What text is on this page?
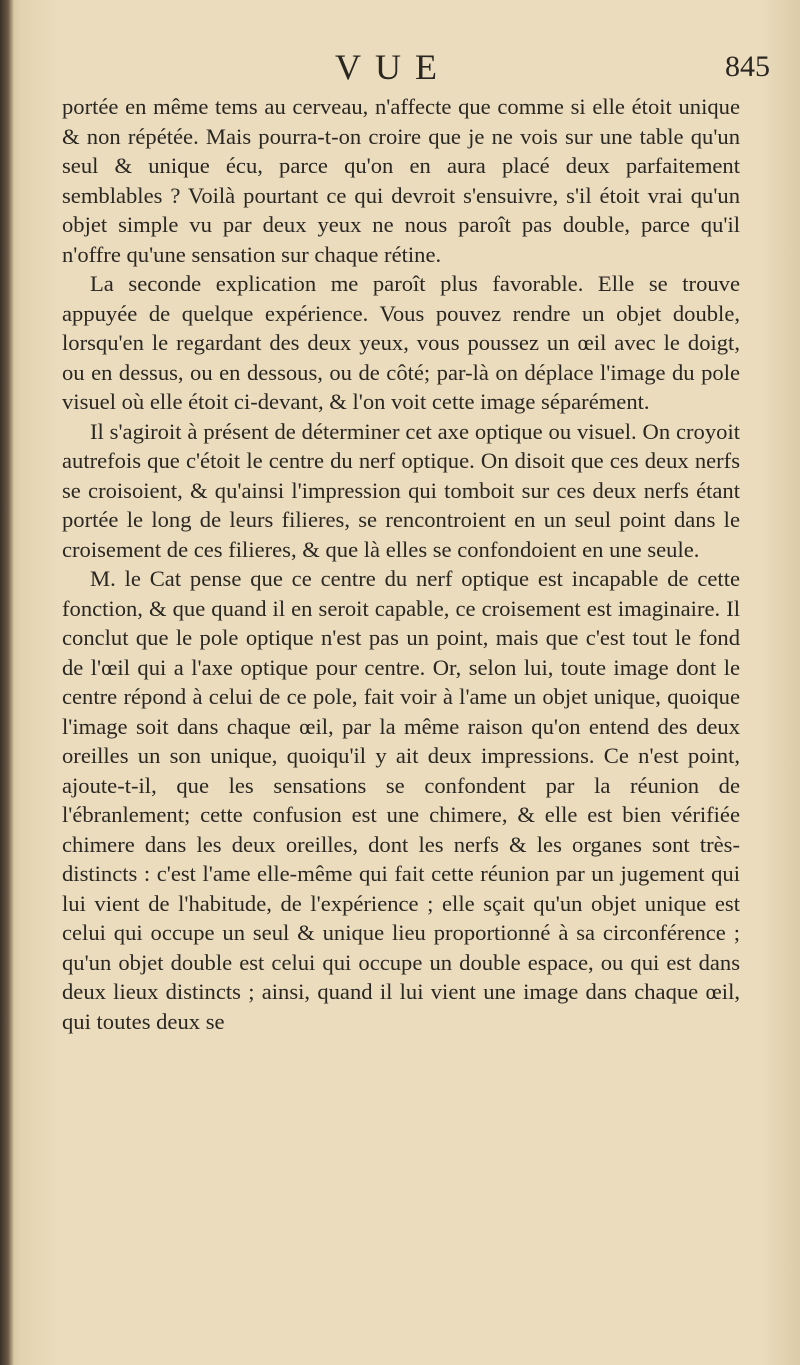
VUE	845

portée en même tems au cerveau, n'affecte que comme si elle étoit unique & non répétée. Mais pourra-t-on croire que je ne vois sur une table qu'un seul & unique écu, parce qu'on en aura placé deux parfaitement semblables ? Voilà pourtant ce qui devroit s'ensuivre, s'il étoit vrai qu'un objet simple vu par deux yeux ne nous paroît pas double, parce qu'il n'offre qu'une sensation sur chaque rétine.

La seconde explication me paroît plus favorable. Elle se trouve appuyée de quelque expérience. Vous pouvez rendre un objet double, lorsqu'en le regardant des deux yeux, vous poussez un œil avec le doigt, ou en dessus, ou en dessous, ou de côté; par-là on déplace l'image du pole visuel où elle étoit ci-devant, & l'on voit cette image séparément.

Il s'agiroit à présent de déterminer cet axe optique ou visuel. On croyoit autrefois que c'étoit le centre du nerf optique. On disoit que ces deux nerfs se croisoient, & qu'ainsi l'impression qui tomboit sur ces deux nerfs étant portée le long de leurs filieres, se rencontroient en un seul point dans le croisement de ces filieres, & que là elles se confondoient en une seule.

M. le Cat pense que ce centre du nerf optique est incapable de cette fonction, & que quand il en seroit capable, ce croisement est imaginaire. Il conclut que le pole optique n'est pas un point, mais que c'est tout le fond de l'œil qui a l'axe optique pour centre. Or, selon lui, toute image dont le centre répond à celui de ce pole, fait voir à l'ame un objet unique, quoique l'image soit dans chaque œil, par la même raison qu'on entend des deux oreilles un son unique, quoiqu'il y ait deux impressions. Ce n'est point, ajoute-t-il, que les sensations se confondent par la réunion de l'ébranlement; cette confusion est une chimere, & elle est bien vérifiée chimere dans les deux oreilles, dont les nerfs & les organes sont très-distincts : c'est l'ame elle-même qui fait cette réunion par un jugement qui lui vient de l'habitude, de l'expérience ; elle sçait qu'un objet unique est celui qui occupe un seul & unique lieu proportionné à sa circonférence ; qu'un objet double est celui qui occupe un double espace, ou qui est dans deux lieux distincts ; ainsi, quand il lui vient une image dans chaque œil, qui toutes deux se
